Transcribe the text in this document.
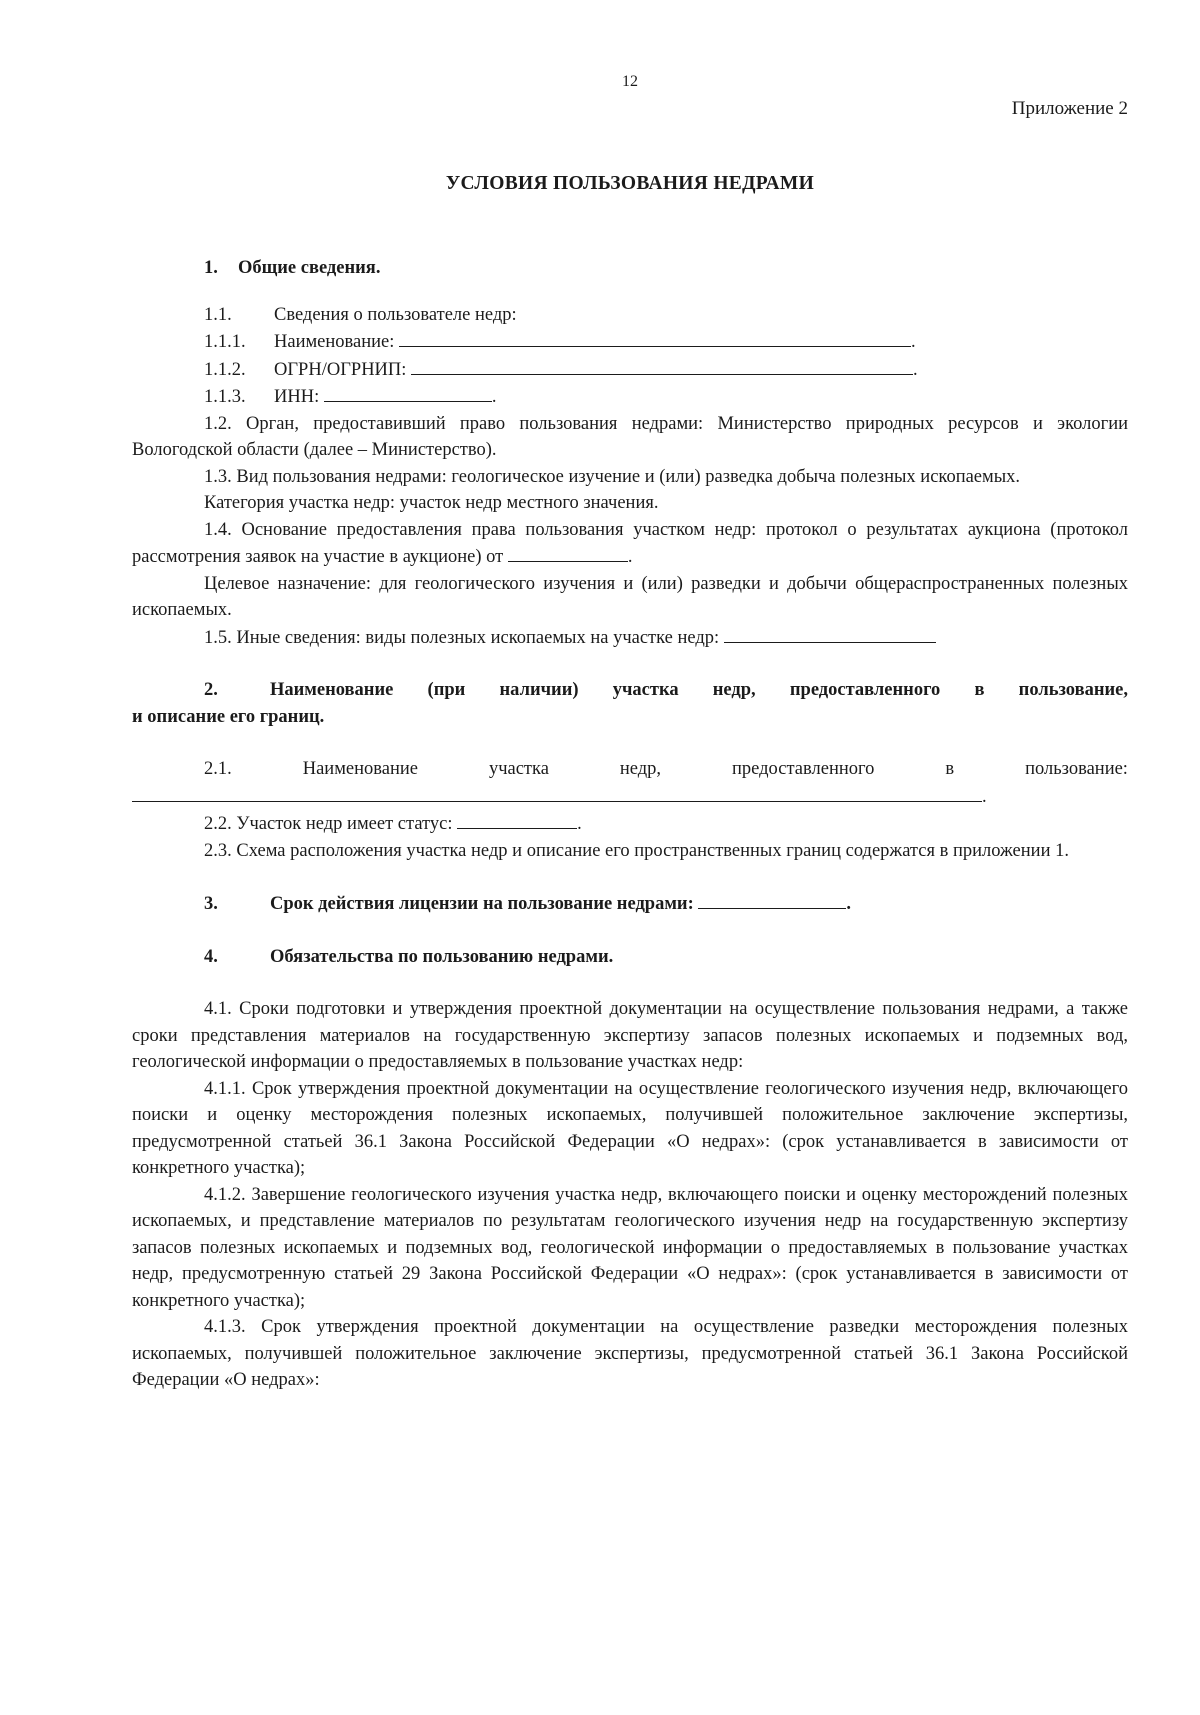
12
Приложение 2
УСЛОВИЯ ПОЛЬЗОВАНИЯ НЕДРАМИ
1. Общие сведения.

1.1. Сведения о пользователе недр:

1.1.1. Наименование:	.

1.1.2. ОГРН/ОГРНИП:	.

1.1.3. ИНН:	.

1.2. Орган, предоставивший право пользования недрами: Министерство природных ресурсов и экологии Вологодской области (далее – Министерство).

1.3. Вид пользования недрами: геологическое изучение и (или) разведка добыча полезных ископаемых.

Категория участка недр: участок недр местного значения.

1.4. Основание предоставления права пользования участком недр: протокол о результатах аукциона (протокол рассмотрения заявок на участие в аукционе) от	.

Целевое назначение: для геологического изучения и (или) разведки и добычи общераспространенных полезных ископаемых.

1.5. Иные сведения: виды полезных ископаемых на участке недр:

2.	Наименование (при наличии) участка недр, предоставленного в пользование,
и описание его границ.
2.1.	Наименование	участка	недр,	предоставленного	в	пользование:

.

2.2. Участок недр имеет статус:	.

2.3. Схема расположения участка недр и описание его пространственных границ содержатся в приложении 1.

3.	Срок действия лицензии на пользование недрами:	.
4.	Обязательства по пользованию недрами.

4.1. Сроки подготовки и утверждения проектной документации на осуществление пользования недрами, а также сроки представления материалов на государственную экспертизу запасов полезных ископаемых и подземных вод, геологической информации о предоставляемых в пользование участках недр:

4.1.1. Срок утверждения проектной документации на осуществление геологического изучения недр, включающего поиски и оценку месторождения полезных ископаемых, получившей положительное заключение экспертизы, предусмотренной статьей 36.1 Закона Российской Федерации «О недрах»: (срок устанавливается в зависимости от конкретного участка);

4.1.2. Завершение геологического изучения участка недр, включающего поиски и оценку месторождений полезных ископаемых, и представление материалов по результатам геологического изучения недр на государственную экспертизу запасов полезных ископаемых и подземных вод, геологической информации о предоставляемых в пользование участках недр, предусмотренную статьей 29 Закона Российской Федерации «О недрах»: (срок устанавливается в зависимости от конкретного участка);

4.1.3. Срок утверждения проектной документации на осуществление разведки месторождения полезных ископаемых, получившей положительное заключение экспертизы, предусмотренной статьей 36.1 Закона Российской Федерации «О недрах»:
